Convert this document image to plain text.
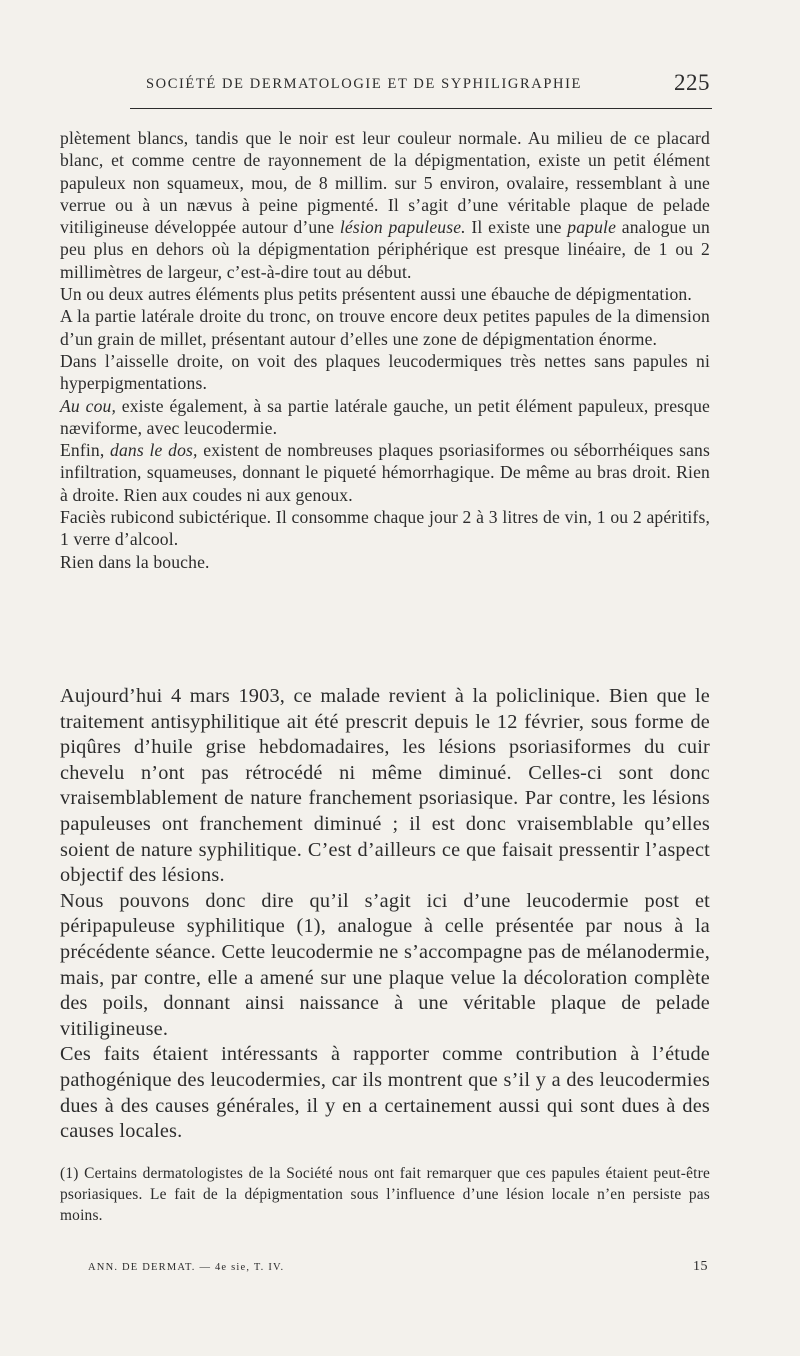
SOCIÉTÉ DE DERMATOLOGIE ET DE SYPHILIGRAPHIE	225

plètement blancs, tandis que le noir est leur couleur normale. Au milieu de ce placard blanc, et comme centre de rayonnement de la dépigmentation, existe un petit élément papuleux non squameux, mou, de 8 millim. sur 5 environ, ovalaire, ressemblant à une verrue ou à un nævus à peine pigmenté. Il s’agit d’une véritable plaque de pelade vitiligineuse développée autour d’une lésion papuleuse. Il existe une papule analogue un peu plus en dehors où la dépigmentation périphérique est presque linéaire, de 1 ou 2 millimètres de largeur, c’est-à-dire tout au début.

Un ou deux autres éléments plus petits présentent aussi une ébauche de dépigmentation.

A la partie latérale droite du tronc, on trouve encore deux petites papules de la dimension d’un grain de millet, présentant autour d’elles une zone de dépigmentation énorme.

Dans l’aisselle droite, on voit des plaques leucodermiques très nettes sans papules ni hyperpigmentations.

Au cou, existe également, à sa partie latérale gauche, un petit élément papuleux, presque næviforme, avec leucodermie.

Enfin, dans le dos, existent de nombreuses plaques psoriasiformes ou séborrhéiques sans infiltration, squameuses, donnant le piqueté hémorrhagique. De même au bras droit. Rien à droite. Rien aux coudes ni aux genoux.

Faciès rubicond subictérique. Il consomme chaque jour 2 à 3 litres de vin, 1 ou 2 apéritifs, 1 verre d’alcool.

Rien dans la bouche.

Aujourd’hui 4 mars 1903, ce malade revient à la policlinique. Bien que le traitement antisyphilitique ait été prescrit depuis le 12 février, sous forme de piqûres d’huile grise hebdomadaires, les lésions psoriasiformes du cuir chevelu n’ont pas rétrocédé ni même diminué. Celles-ci sont donc vraisemblablement de nature franchement psoriasique. Par contre, les lésions papuleuses ont franchement diminué ; il est donc vraisemblable qu’elles soient de nature syphilitique. C’est d’ailleurs ce que faisait pressentir l’aspect objectif des lésions.

Nous pouvons donc dire qu’il s’agit ici d’une leucodermie post et péripapuleuse syphilitique (1), analogue à celle présentée par nous à la précédente séance. Cette leucodermie ne s’accompagne pas de mélanodermie, mais, par contre, elle a amené sur une plaque velue la décoloration complète des poils, donnant ainsi naissance à une véritable plaque de pelade vitiligineuse.

Ces faits étaient intéressants à rapporter comme contribution à l’étude pathogénique des leucodermies, car ils montrent que s’il y a des leucodermies dues à des causes générales, il y en a certainement aussi qui sont dues à des causes locales.

(1) Certains dermatologistes de la Société nous ont fait remarquer que ces papules étaient peut-être psoriasiques. Le fait de la dépigmentation sous l’influence d’une lésion locale n’en persiste pas moins.

ANN. DE DERMAT. — 4e sie, T. IV.	15
